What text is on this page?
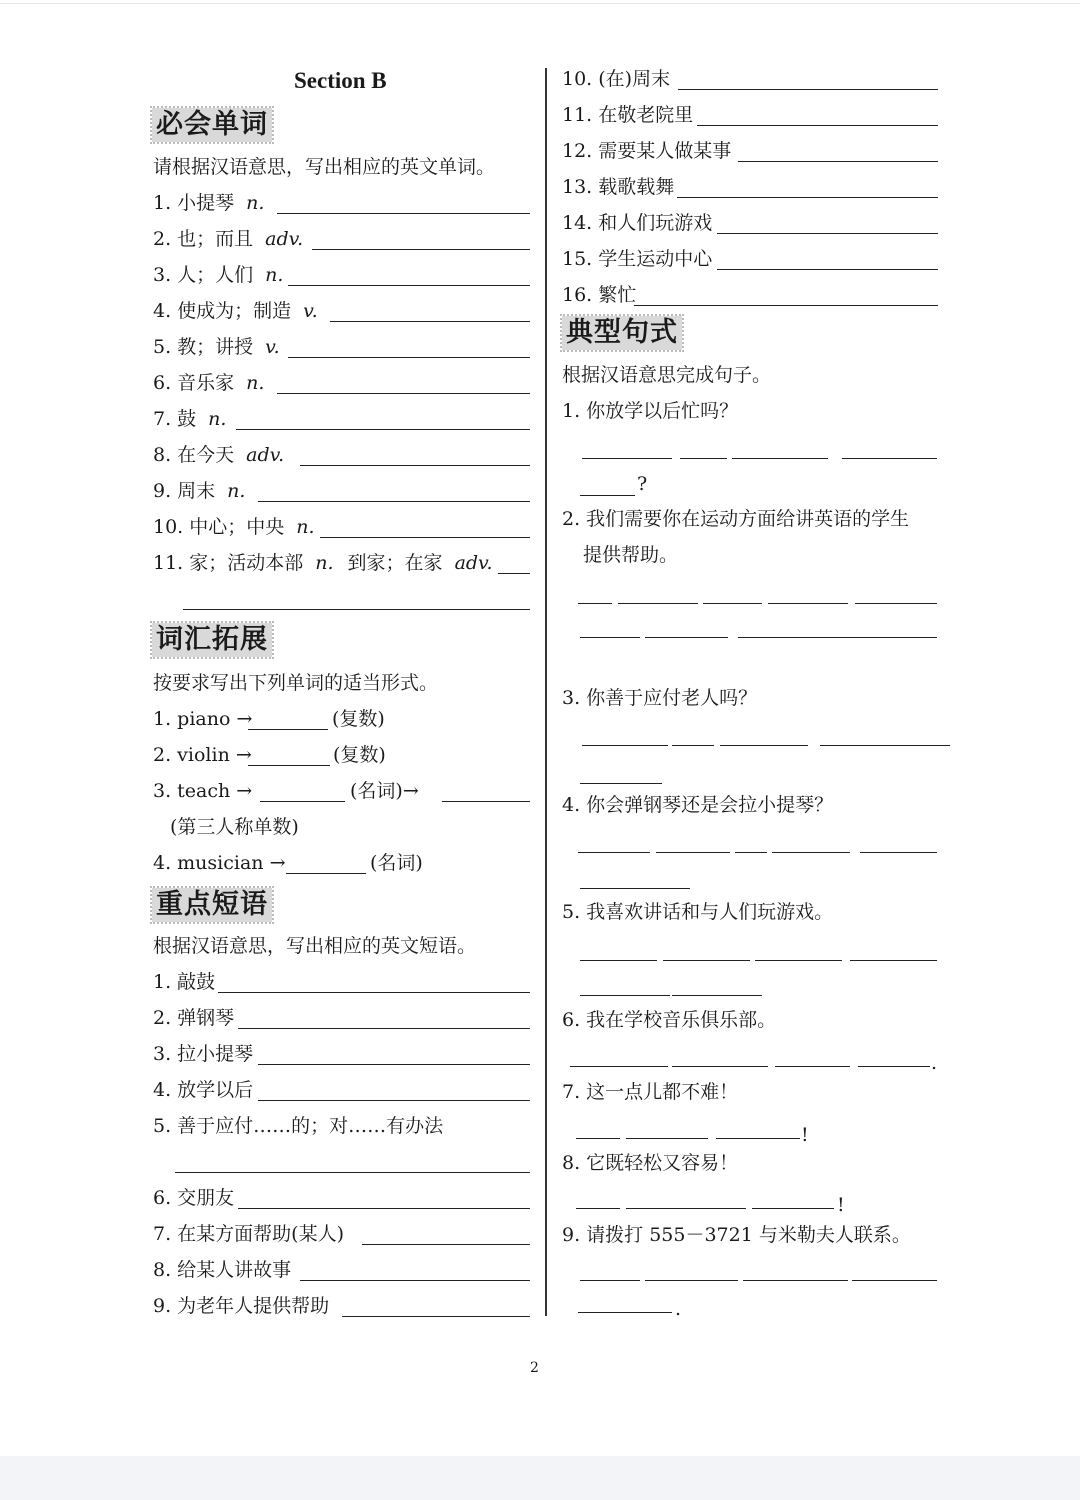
Section B
必会单词
请根据汉语意思，写出相应的英文单词。
1. 小提琴 n.
2. 也；而且 adv.
3. 人；人们 n.
4. 使成为；制造 v.
5. 教；讲授 v.
6. 音乐家 n.
7. 鼓 n.
8. 在今天 adv.
9. 周末 n.
10. 中心；中央 n.
11. 家；活动本部 n. 到家；在家 adv.
词汇拓展
按要求写出下列单词的适当形式。
1. piano →	(复数)
2. violin →	(复数)
3. teach →	(名词)→
(第三人称单数)
4. musician →	(名词)
重点短语
根据汉语意思，写出相应的英文短语。
1. 敲鼓
2. 弹钢琴
3. 拉小提琴
4. 放学以后
5. 善于应付……的；对……有办法
6. 交朋友
7. 在某方面帮助(某人)
8. 给某人讲故事
9. 为老年人提供帮助
10. (在)周末
11. 在敬老院里
12. 需要某人做某事
13. 载歌载舞
14. 和人们玩游戏
15. 学生运动中心
16. 繁忙
典型句式
根据汉语意思完成句子。
1. 你放学以后忙吗？
?
2. 我们需要你在运动方面给讲英语的学生
提供帮助。
3. 你善于应付老人吗？
4. 你会弹钢琴还是会拉小提琴？
5. 我喜欢讲话和与人们玩游戏。
6. 我在学校音乐俱乐部。
.
7. 这一点儿都不难！
!
8. 它既轻松又容易！
!
9. 请拨打 555－3721 与米勒夫人联系。
.
2
